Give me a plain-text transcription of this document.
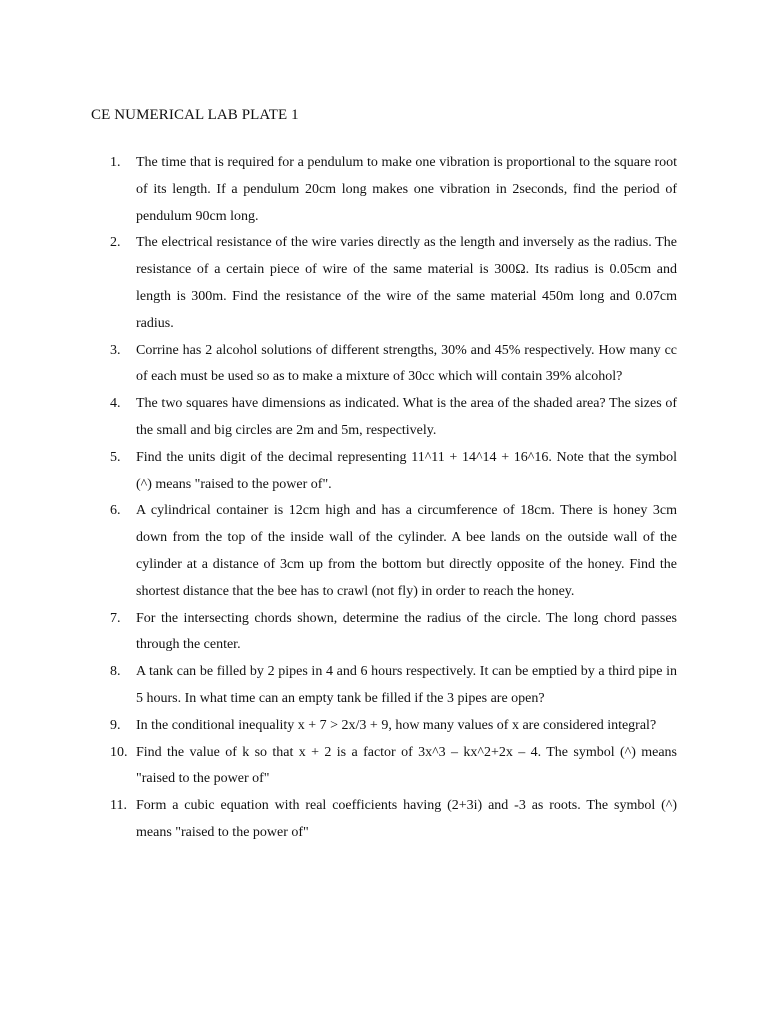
CE NUMERICAL LAB PLATE 1
1. The time that is required for a pendulum to make one vibration is proportional to the square root of its length. If a pendulum 20cm long makes one vibration in 2seconds, find the period of pendulum 90cm long.
2. The electrical resistance of the wire varies directly as the length and inversely as the radius. The resistance of a certain piece of wire of the same material is 300Ω. Its radius is 0.05cm and length is 300m. Find the resistance of the wire of the same material 450m long and 0.07cm radius.
3. Corrine has 2 alcohol solutions of different strengths, 30% and 45% respectively. How many cc of each must be used so as to make a mixture of 30cc which will contain 39% alcohol?
4. The two squares have dimensions as indicated. What is the area of the shaded area? The sizes of the small and big circles are 2m and 5m, respectively.
5. Find the units digit of the decimal representing 11^11 + 14^14 + 16^16. Note that the symbol (^) means "raised to the power of".
6. A cylindrical container is 12cm high and has a circumference of 18cm. There is honey 3cm down from the top of the inside wall of the cylinder. A bee lands on the outside wall of the cylinder at a distance of 3cm up from the bottom but directly opposite of the honey. Find the shortest distance that the bee has to crawl (not fly) in order to reach the honey.
7. For the intersecting chords shown, determine the radius of the circle. The long chord passes through the center.
8. A tank can be filled by 2 pipes in 4 and 6 hours respectively. It can be emptied by a third pipe in 5 hours. In what time can an empty tank be filled if the 3 pipes are open?
9. In the conditional inequality x + 7 > 2x/3 + 9, how many values of x are considered integral?
10. Find the value of k so that x + 2 is a factor of 3x^3 – kx^2+2x – 4. The symbol (^) means "raised to the power of"
11. Form a cubic equation with real coefficients having (2+3i) and -3 as roots. The symbol (^) means "raised to the power of"
